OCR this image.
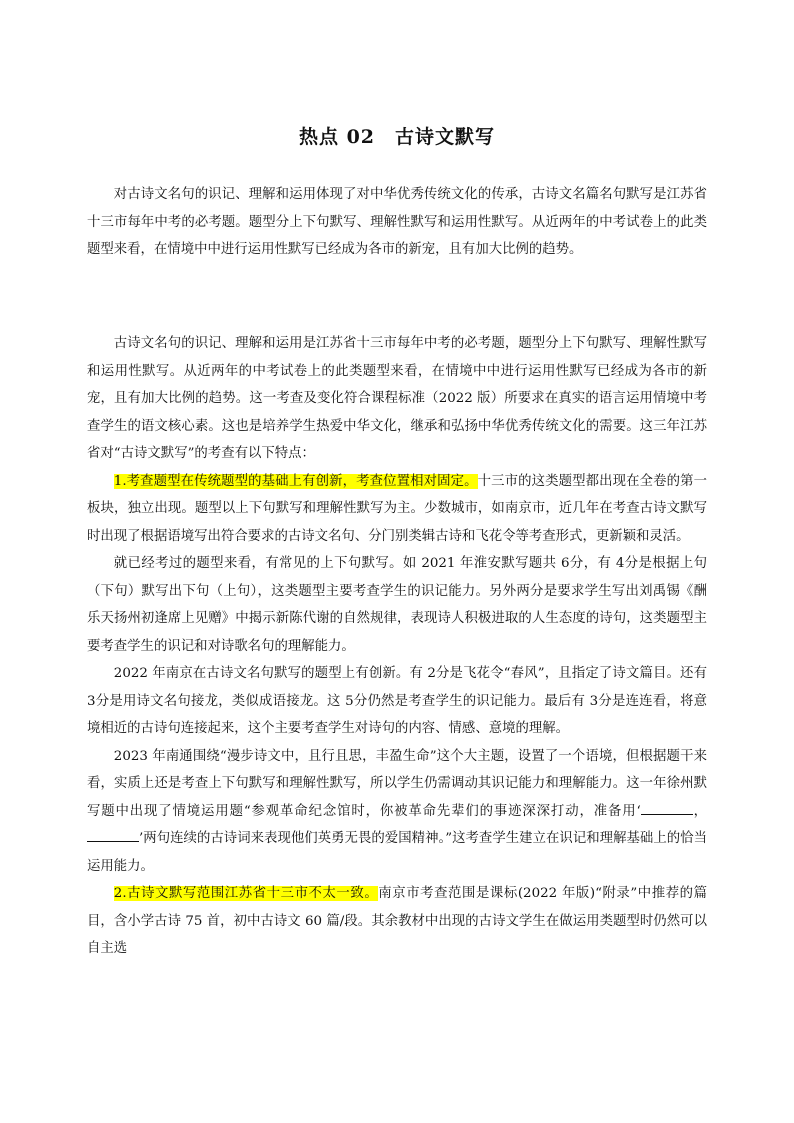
热点 02　古诗文默写

对古诗文名句的识记、理解和运用体现了对中华优秀传统文化的传承，古诗文名篇名句默写是江苏省十三市每年中考的必考题。题型分上下句默写、理解性默写和运用性默写。从近两年的中考试卷上的此类题型来看，在情境中中进行运用性默写已经成为各市的新宠，且有加大比例的趋势。

古诗文名句的识记、理解和运用是江苏省十三市每年中考的必考题，题型分上下句默写、理解性默写和运用性默写。从近两年的中考试卷上的此类题型来看，在情境中中进行运用性默写已经成为各市的新宠，且有加大比例的趋势。这一考查及变化符合课程标准（2022 版）所要求在真实的语言运用情境中考查学生的语文核心素。这也是培养学生热爱中华文化，继承和弘扬中华优秀传统文化的需要。这三年江苏省对“古诗文默写”的考查有以下特点：

1.考查题型在传统题型的基础上有创新，考查位置相对固定。十三市的这类题型都出现在全卷的第一板块，独立出现。题型以上下句默写和理解性默写为主。少数城市，如南京市，近几年在考查古诗文默写时出现了根据语境写出符合要求的古诗文名句、分门别类辑古诗和飞花令等考查形式，更新颖和灵活。

就已经考过的题型来看，有常见的上下句默写。如 2021 年淮安默写题共 6分，有 4分是根据上句（下句）默写出下句（上句），这类题型主要考查学生的识记能力。另外两分是要求学生写出刘禹锡《酬乐天扬州初逢席上见赠》中揭示新陈代谢的自然规律，表现诗人积极进取的人生态度的诗句，这类题型主要考查学生的识记和对诗歌名句的理解能力。

2022 年南京在古诗文名句默写的题型上有创新。有 2分是飞花令“春风”，且指定了诗文篇目。还有 3分是用诗文名句接龙，类似成语接龙。这 5分仍然是考查学生的识记能力。最后有 3分是连连看，将意境相近的古诗句连接起来，这个主要考查学生对诗句的内容、情感、意境的理解。

2023 年南通围绕“漫步诗文中，且行且思，丰盈生命”这个大主题，设置了一个语境，但根据题干来看，实质上还是考查上下句默写和理解性默写，所以学生仍需调动其识记能力和理解能力。这一年徐州默写题中出现了情境运用题“参观革命纪念馆时，你被革命先辈们的事迹深深打动，准备用‘	，’两句连续的古诗词来表现他们英勇无畏的爱国精神。”这考查学生建立在识记和理解基础上的恰当运用能力。

2.古诗文默写范围江苏省十三市不太一致。南京市考查范围是课标(2022 年版)“附录”中推荐的篇目，含小学古诗 75 首，初中古诗文 60 篇/段。其余教材中出现的古诗文学生在做运用类题型时仍然可以自主选
